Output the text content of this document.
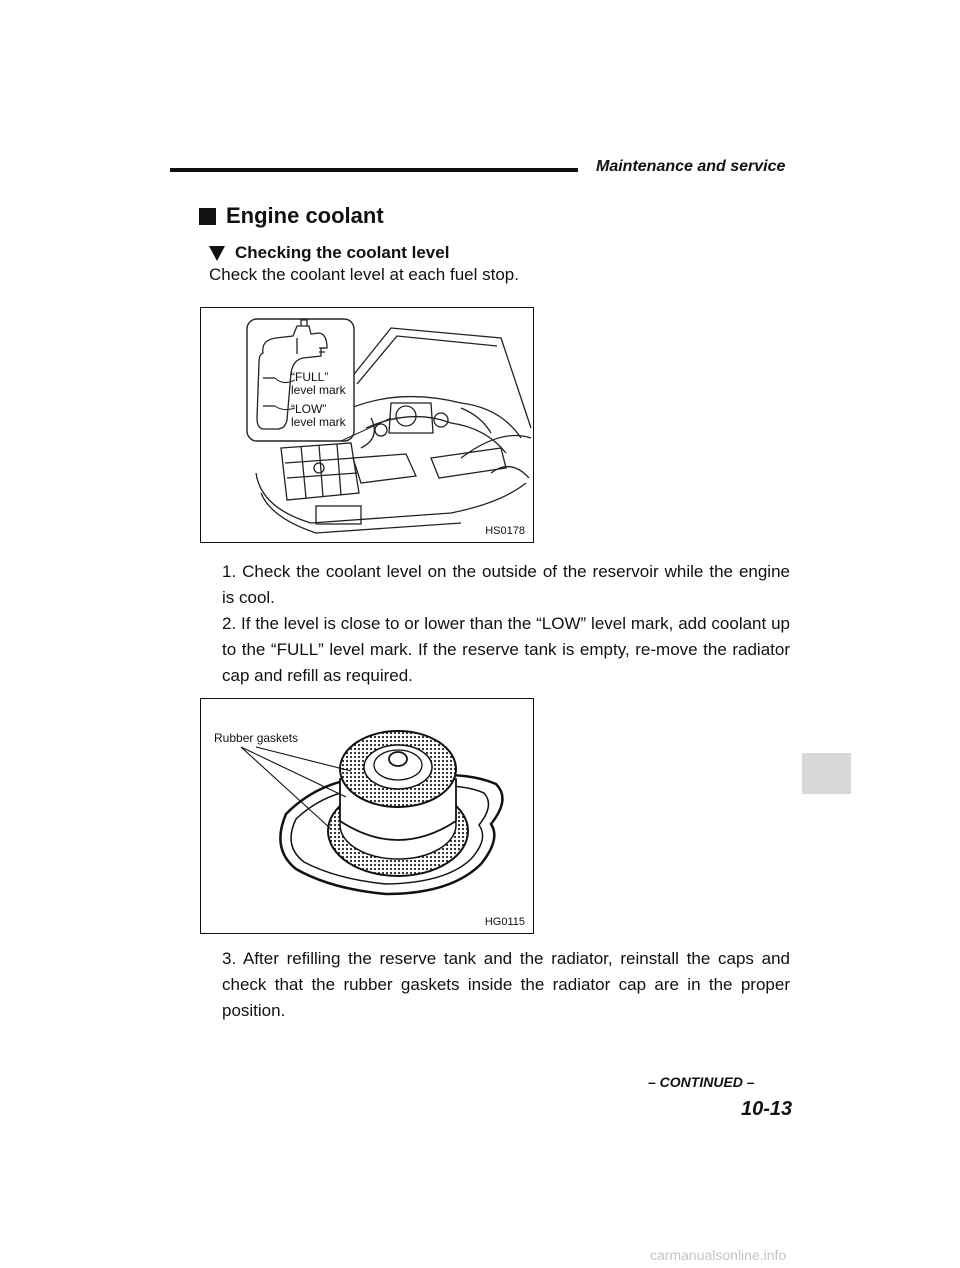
Maintenance and service
Engine coolant
Checking the coolant level
Check the coolant level at each fuel stop.
“FULL”
level mark
“LOW”
level mark
HS0178
1. Check the coolant level on the outside of the reservoir while the engine is cool.
2. If the level is close to or lower than the “LOW” level mark, add coolant up to the “FULL” level mark. If the reserve tank is empty, re-move the radiator cap and refill as required.
Rubber gaskets
HG0115
3. After refilling the reserve tank and the radiator, reinstall the caps and check that the rubber gaskets inside the radiator cap are in the proper position.
– CONTINUED –
10-13
carmanualsonline.info
